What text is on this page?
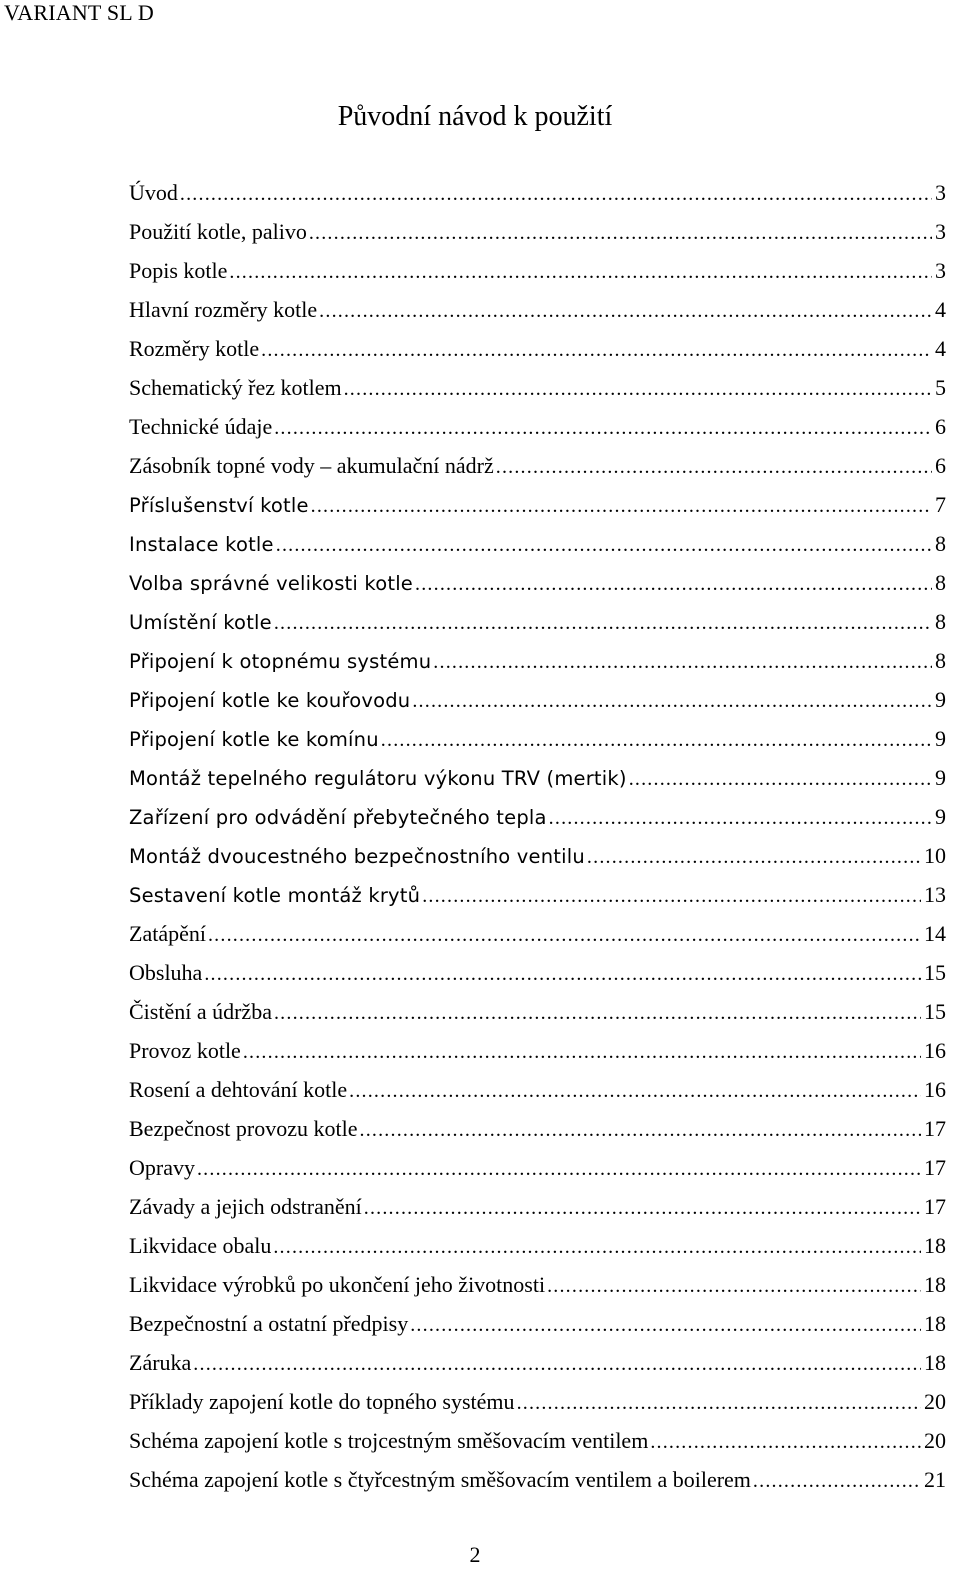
VARIANT SL D
Původní návod k použití
Úvod .....	3
Použití kotle, palivo .....	3
Popis kotle .....	3
Hlavní rozměry kotle .....	4
Rozměry kotle .....	4
Schematický řez kotlem .....	5
Technické údaje .....	6
Zásobník topné vody – akumulační nádrž .....	6
Příslušenství kotle .....	7
Instalace kotle .....	8
Volba správné velikosti kotle .....	8
Umístění kotle .....	8
Připojení k otopnému systému .....	8
Připojení kotle ke kouřovodu .....	9
Připojení kotle ke komínu .....	9
Montáž tepelného regulátoru výkonu TRV (mertik) .....	9
Zařízení pro odvádění přebytečného tepla .....	9
Montáž dvoucestného bezpečnostního ventilu .....	10
Sestavení kotle montáž krytů .....	13
Zatápění .....	14
Obsluha .....	15
Čistění a údržba .....	15
Provoz kotle .....	16
Rosení a dehtování kotle .....	16
Bezpečnost provozu kotle .....	17
Opravy .....	17
Závady a jejich odstranění .....	17
Likvidace obalu .....	18
Likvidace výrobků po ukončení jeho životnosti .....	18
Bezpečnostní a ostatní předpisy .....	18
Záruka .....	18
Příklady zapojení kotle do topného systému .....	20
Schéma zapojení kotle s trojcestným směšovacím ventilem .....	20
Schéma zapojení kotle s čtyřcestným směšovacím ventilem a boilerem .....	21
2
